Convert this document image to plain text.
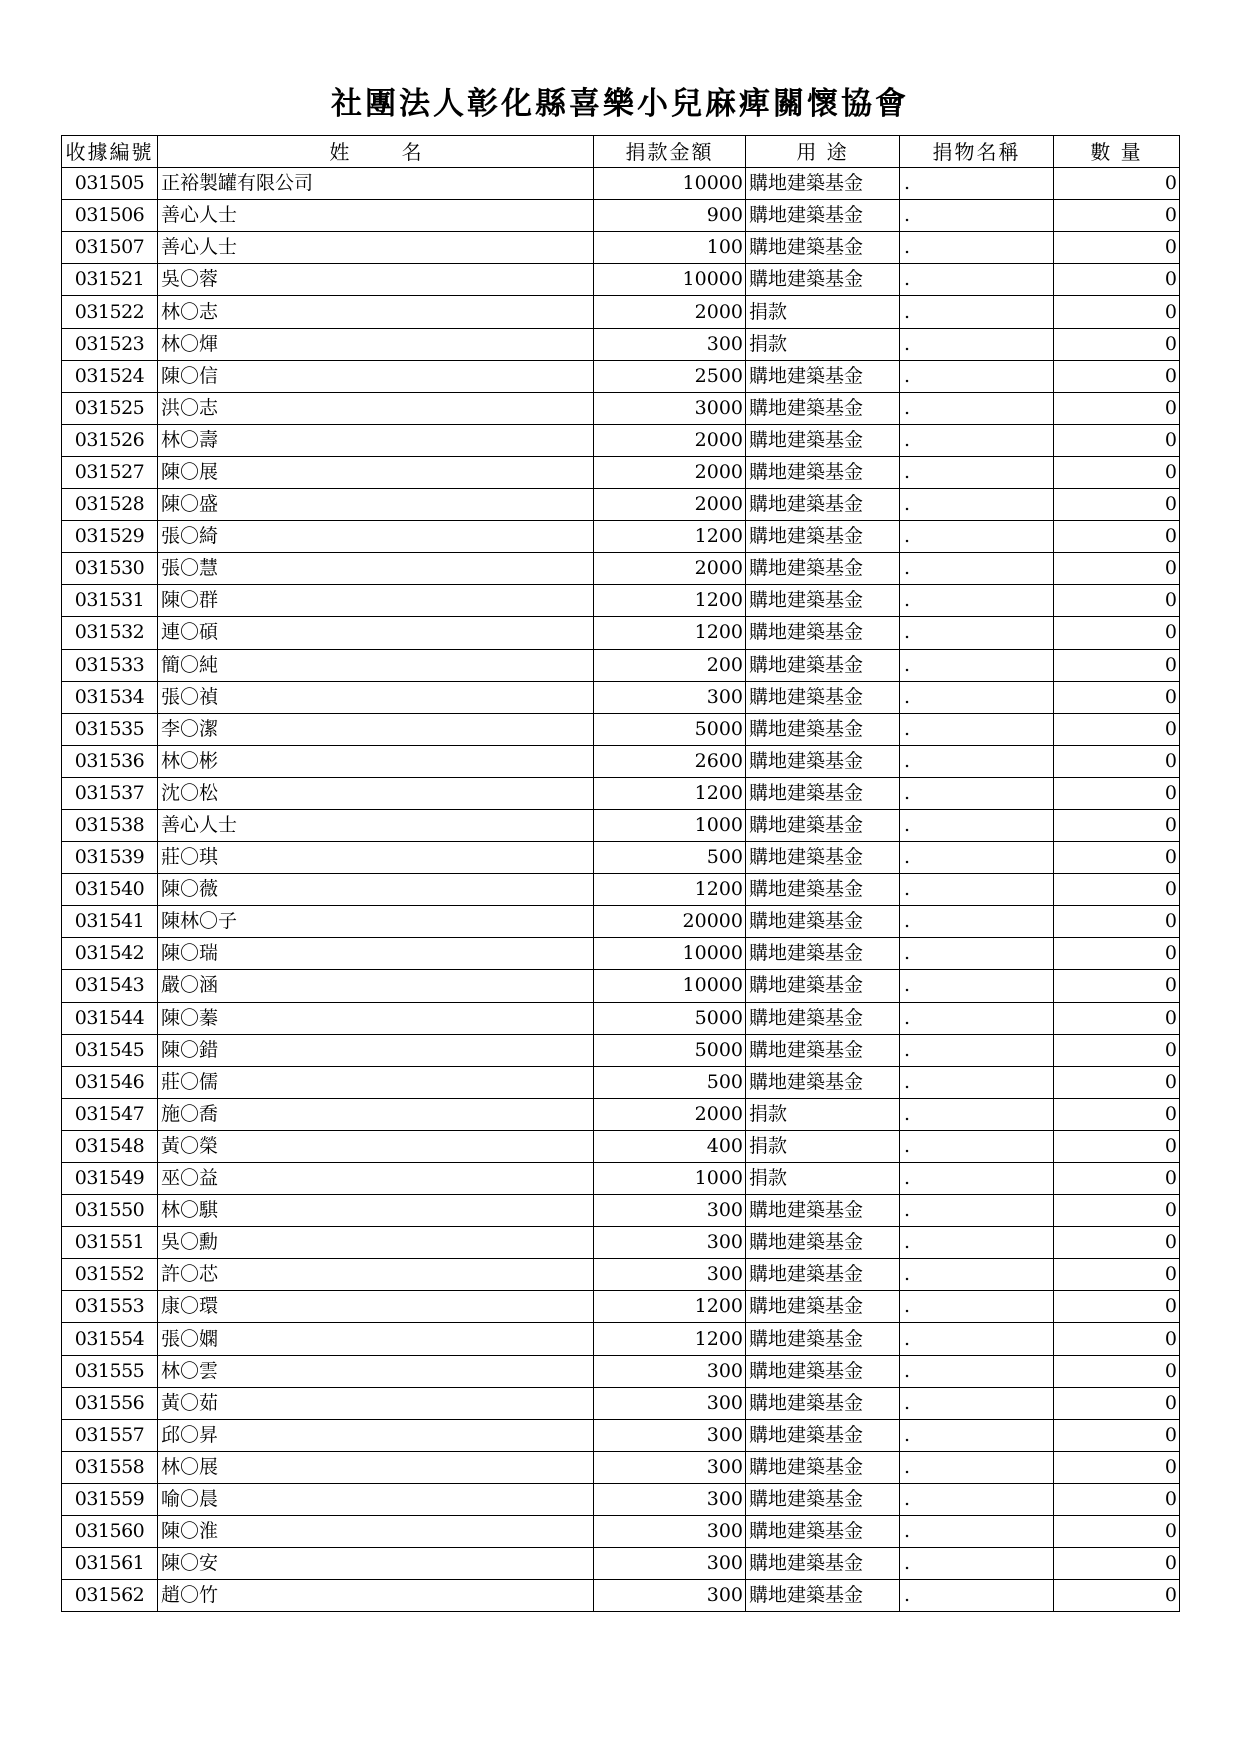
社團法人彰化縣喜樂小兒麻痺關懷協會
收據編號	姓 名	捐款金額	用 途	捐物名稱	數 量
031505	正裕製罐有限公司	10000	購地建築基金	.	0
031506	善心人士	900	購地建築基金	.	0
031507	善心人士	100	購地建築基金	.	0
031521	吳〇蓉	10000	購地建築基金	.	0
031522	林〇志	2000	捐款	.	0
031523	林〇煇	300	捐款	.	0
031524	陳〇信	2500	購地建築基金	.	0
031525	洪〇志	3000	購地建築基金	.	0
031526	林〇壽	2000	購地建築基金	.	0
031527	陳〇展	2000	購地建築基金	.	0
031528	陳〇盛	2000	購地建築基金	.	0
031529	張〇綺	1200	購地建築基金	.	0
031530	張〇慧	2000	購地建築基金	.	0
031531	陳〇群	1200	購地建築基金	.	0
031532	連〇碩	1200	購地建築基金	.	0
031533	簡〇純	200	購地建築基金	.	0
031534	張〇禎	300	購地建築基金	.	0
031535	李〇潔	5000	購地建築基金	.	0
031536	林〇彬	2600	購地建築基金	.	0
031537	沈〇松	1200	購地建築基金	.	0
031538	善心人士	1000	購地建築基金	.	0
031539	莊〇琪	500	購地建築基金	.	0
031540	陳〇薇	1200	購地建築基金	.	0
031541	陳林〇子	20000	購地建築基金	.	0
031542	陳〇瑞	10000	購地建築基金	.	0
031543	嚴〇涵	10000	購地建築基金	.	0
031544	陳〇蓁	5000	購地建築基金	.	0
031545	陳〇錯	5000	購地建築基金	.	0
031546	莊〇儒	500	購地建築基金	.	0
031547	施〇喬	2000	捐款	.	0
031548	黃〇榮	400	捐款	.	0
031549	巫〇益	1000	捐款	.	0
031550	林〇騏	300	購地建築基金	.	0
031551	吳〇勳	300	購地建築基金	.	0
031552	許〇芯	300	購地建築基金	.	0
031553	康〇環	1200	購地建築基金	.	0
031554	張〇嫻	1200	購地建築基金	.	0
031555	林〇雲	300	購地建築基金	.	0
031556	黃〇茹	300	購地建築基金	.	0
031557	邱〇昇	300	購地建築基金	.	0
031558	林〇展	300	購地建築基金	.	0
031559	喻〇晨	300	購地建築基金	.	0
031560	陳〇淮	300	購地建築基金	.	0
031561	陳〇安	300	購地建築基金	.	0
031562	趙〇竹	300	購地建築基金	.	0
